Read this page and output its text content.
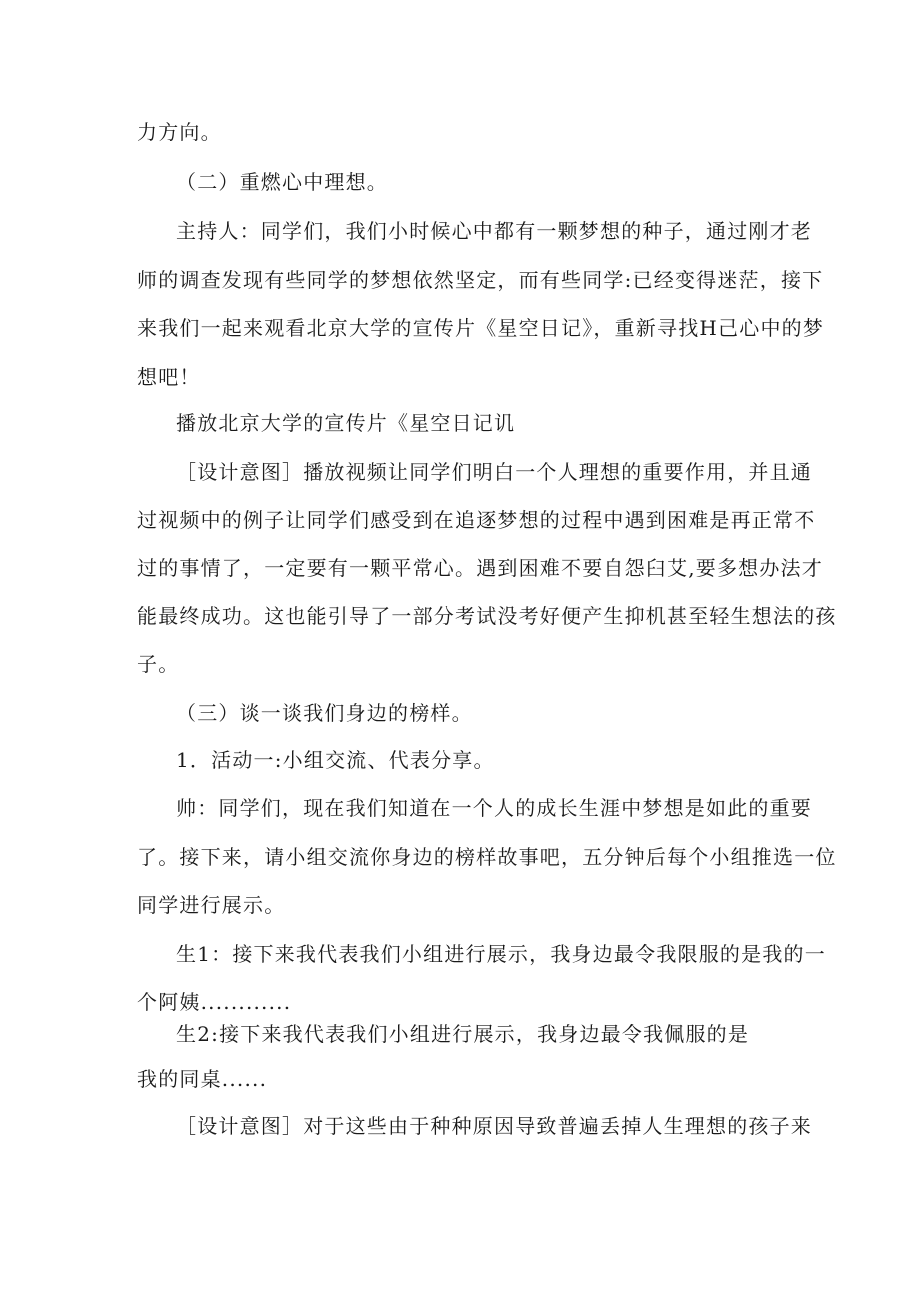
力方向。
（二）重燃心中理想。
主持人：同学们，我们小时候心中都有一颗梦想的种子，通过刚才老
师的调查发现有些同学的梦想依然坚定，而有些同学:已经变得迷茫，接下
来我们一起来观看北京大学的宣传片《星空日记》，重新寻找H己心中的梦
想吧！
播放北京大学的宣传片《星空日记讥
［设计意图］播放视频让同学们明白一个人理想的重要作用，并且通
过视频中的例子让同学们感受到在追逐梦想的过程中遇到困难是再正常不
过的事情了，一定要有一颗平常心。遇到困难不要自怨臼艾,要多想办法才
能最终成功。这也能引导了一部分考试没考好便产生抑机甚至轻生想法的孩
子。
（三）谈一谈我们身边的榜样。
1．活动一:小组交流、代表分享。
帅：同学们，现在我们知道在一个人的成长生涯中梦想是如此的重要
了。接下来，请小组交流你身边的榜样故事吧，五分钟后每个小组推选一位
同学进行展示。
生1：接下来我代表我们小组进行展示，我身边最令我限服的是我的一
个阿姨............
生2:接下来我代表我们小组进行展示，我身边最令我佩服的是
我的同桌......
［设计意图］对于这些由于种种原因导致普遍丢掉人生理想的孩子来
